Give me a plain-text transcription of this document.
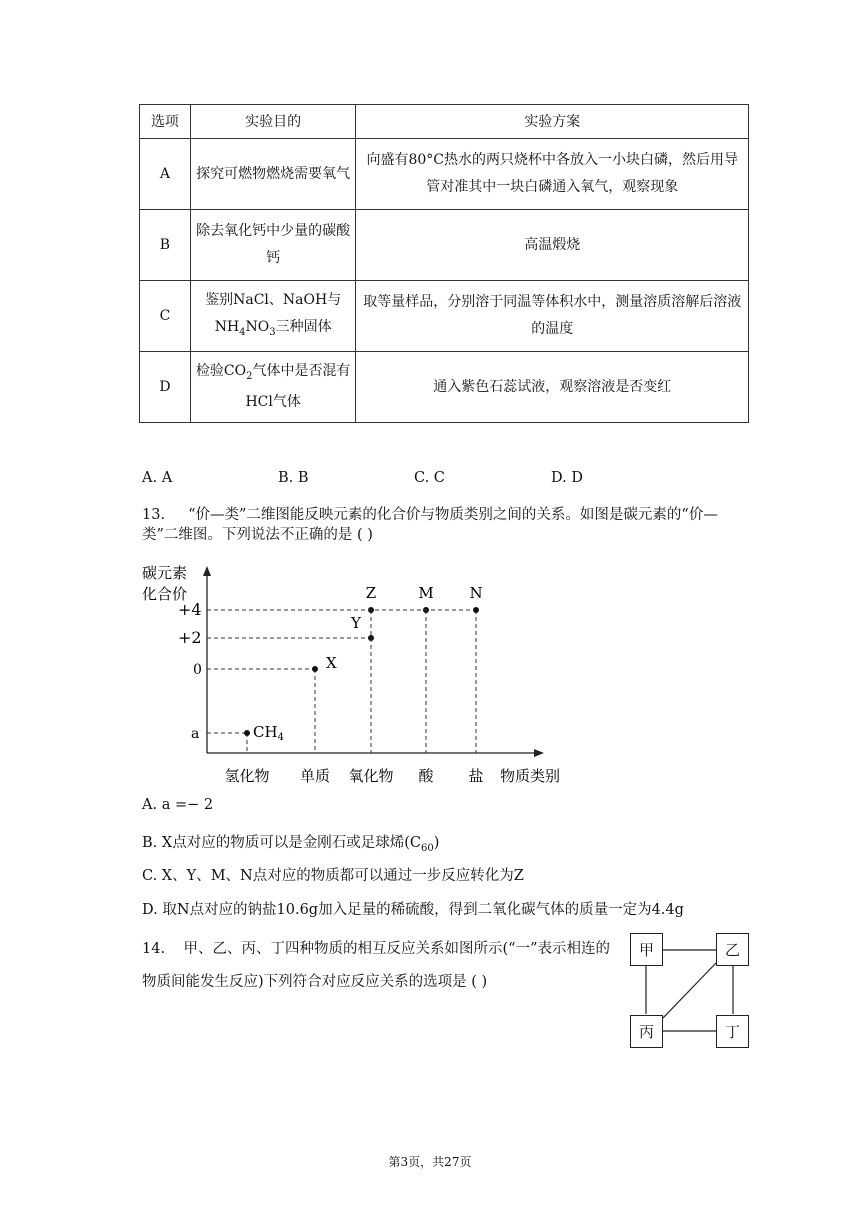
选项	实验目的	实验方案
A	探究可燃物燃烧需要氧气	向盛有80°C热水的两只烧杯中各放入一小块白磷，然后用导管对准其中一块白磷通入氧气，观察现象
B	除去氧化钙中少量的碳酸钙	高温煅烧
C	鉴别NaCl、NaOH与$NH_4NO_3$三种固体	取等量样品，分别溶于同温等体积水中，测量溶质溶解后溶液的温度
D	检验$CO_2$气体中是否混有HCl气体	通入紫色石蕊试液，观察溶液是否变红
A. A	B. B	C. C	D. D
13. “价—类”二维图能反映元素的化合价与物质类别之间的关系。如图是碳元素的“价—类”二维图。下列说法不正确的是 ( )
碳元素
化合价
a
0
+2
+4
氢化物 单质 氧化物 酸 盐 物质类别
$CH_4$
X
Y
Z	M N
A. a =− 2
B. X点对应的物质可以是金刚石或足球烯$(C_{60})$
C. X、Y、M、N点对应的物质都可以通过一步反应转化为Z
D. 取N点对应的钠盐10.6g加入足量的稀硫酸，得到二氧化碳气体的质量一定为4.4g
14. 甲、乙、丙、丁四种物质的相互反应关系如图所示(“一”表示相连的物质间能发生反应)下列符合对应反应关系的选项是 ( )
甲	乙
丙	丁
第3页，共27页
